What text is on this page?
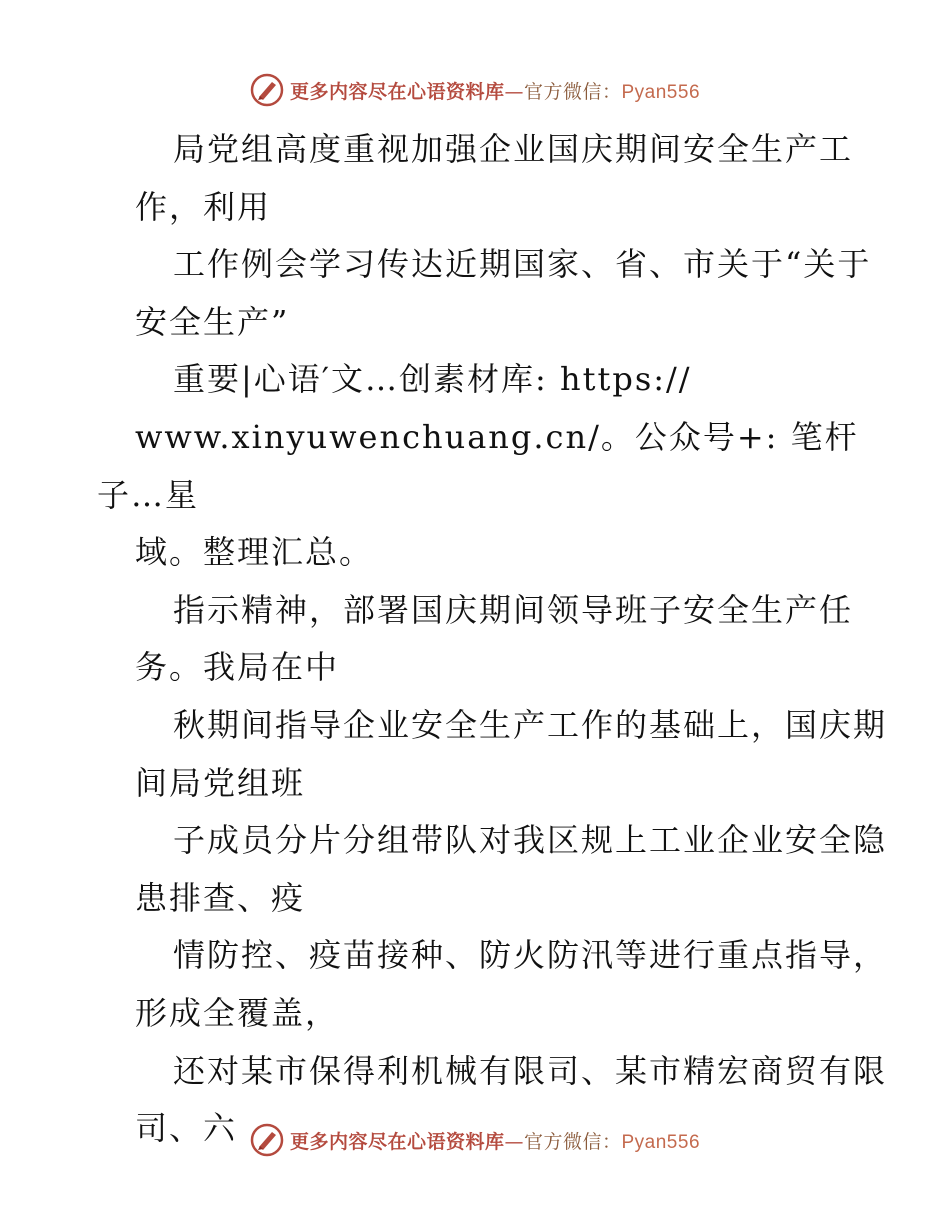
更多内容尽在心语资料库—官方微信：Pyan556
局党组高度重视加强企业国庆期间安全生产工
作，利用
工作例会学习传达近期国家、省、市关于“关于
安全生产”
重要|心语′文…创素材库: https://
www.xinyuwenchuang.cn/。公众号+: 笔杆子…星
域。整理汇总。
指示精神，部署国庆期间领导班子安全生产任
务。我局在中
秋期间指导企业安全生产工作的基础上，国庆期
间局党组班
子成员分片分组带队对我区规上工业企业安全隐
患排查、疫
情防控、疫苗接种、防火防汛等进行重点指导，
形成全覆盖，
还对某市保得利机械有限司、某市精宏商贸有限
司、六	更多内容尽在心语资料库—官方微信：Pyan556
